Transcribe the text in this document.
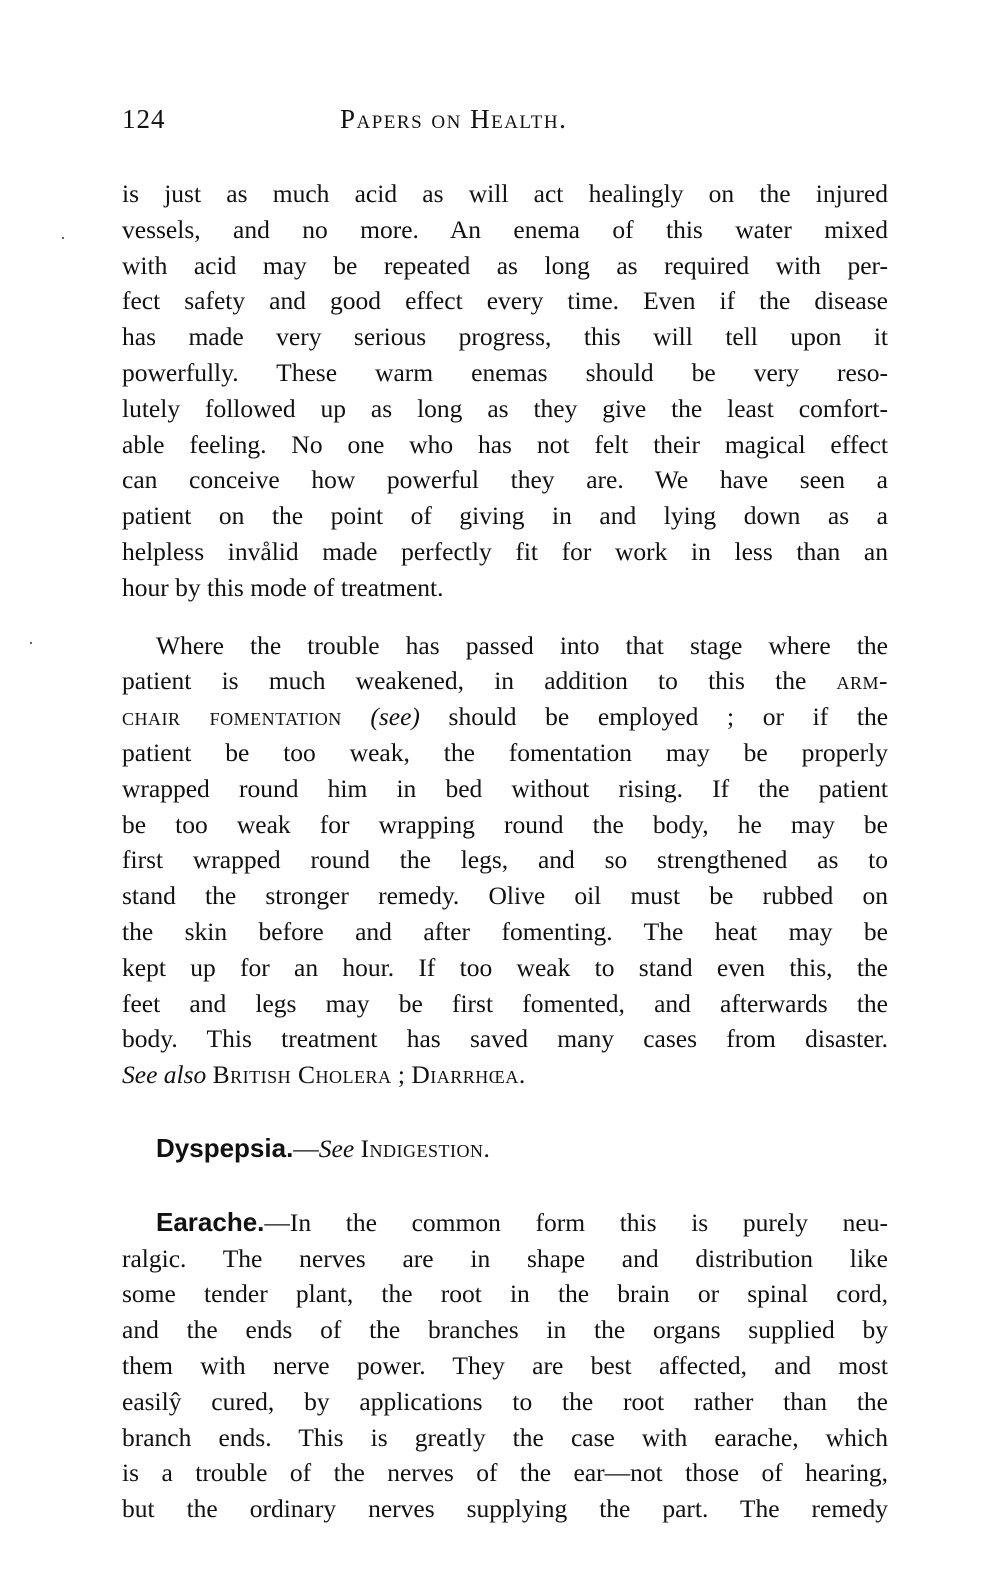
124	Papers on Health.

is just as much acid as will act healingly on the injured
vessels, and no more. An enema of this water mixed
with acid may be repeated as long as required with per-
fect safety and good effect every time. Even if the disease
has made very serious progress, this will tell upon it
powerfully. These warm enemas should be very reso-
lutely followed up as long as they give the least comfort-
able feeling. No one who has not felt their magical effect
can conceive how powerful they are. We have seen a
patient on the point of giving in and lying down as a
helpless invålid made perfectly fit for work in less than an
hour by this mode of treatment.

Where the trouble has passed into that stage where the
patient is much weakened, in addition to this the arm-
chair fomentation (see) should be employed ; or if the
patient be too weak, the fomentation may be properly
wrapped round him in bed without rising. If the patient
be too weak for wrapping round the body, he may be
first wrapped round the legs, and so strengthened as to
stand the stronger remedy. Olive oil must be rubbed on
the skin before and after fomenting. The heat may be
kept up for an hour. If too weak to stand even this, the
feet and legs may be first fomented, and afterwards the
body. This treatment has saved many cases from disaster.
See also British Cholera ; Diarrhœa.

Dyspepsia.—See Indigestion.

Earache.—In the common form this is purely neu-
ralgic. The nerves are in shape and distribution like
some tender plant, the root in the brain or spinal cord,
and the ends of the branches in the organs supplied by
them with nerve power. They are best affected, and most
easilŷ cured, by applications to the root rather than the
branch ends. This is greatly the case with earache, which
is a trouble of the nerves of the ear—not those of hearing,
but the ordinary nerves supplying the part. The remedy
